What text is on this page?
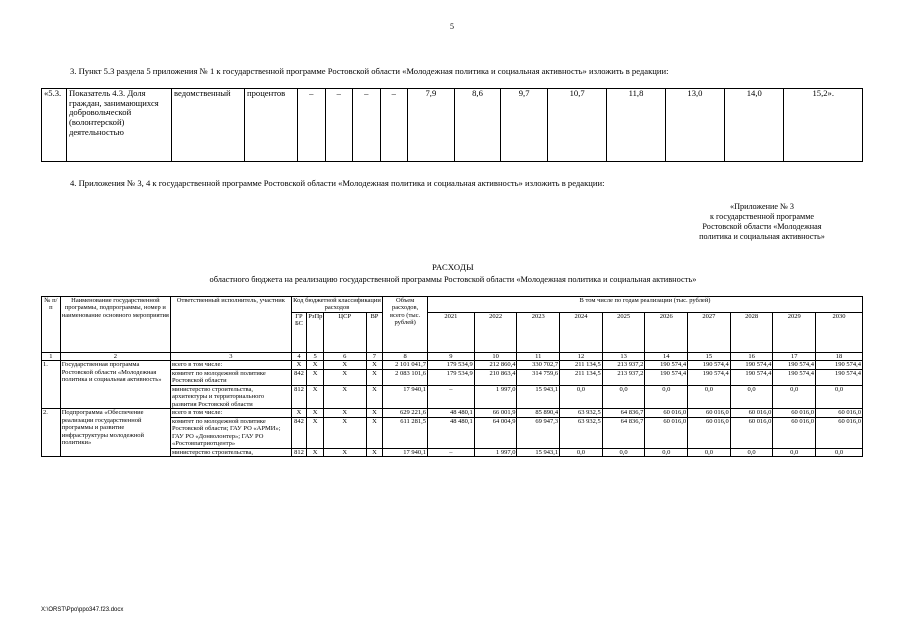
5
3. Пункт 5.3 раздела 5 приложения № 1 к государственной программе Ростовской области «Молодежная политика и социальная активность» изложить в редакции:
«5.3.	Показатель 4.3. Доля граждан, занимающихся добровольческой (волонтерской) деятельностью	ведомственный	процентов	–	–	–	–	7,9	8,6	9,7	10,7	11,8	13,0	14,0	15,2».
4. Приложения № 3, 4 к государственной программе Ростовской области «Молодежная политика и социальная активность» изложить в редакции:
«Приложение № 3
к государственной программе
Ростовской области «Молодежная
политика и социальная активность»
РАСХОДЫ
областного бюджета на реализацию государственной программы Ростовской области «Молодежная политика и социальная активность»
№ п/п	Наименование государственной программы, подпрограммы, номер и наименование основного мероприятия	Ответственный исполнитель, участник	Код бюджетной классификации расходов				Объем расходов, всего (тыс. рублей)	В том числе по годам реализации (тыс. рублей)									
			ГР БС	РзПр	ЦСР	ВР		2021	2022	2023	2024	2025	2026	2027	2028	2029	2030
1	2	3	4	5	6	7	8	9	10	11	12	13	14	15	16	17	18
1.	Государственная программа Ростовской области «Молодежная политика и социальная активность»	всего в том числе:	Х	Х	Х	Х	2 101 041,7	179 534,9	212 860,4	330 702,7	211 134,5	213 937,2	190 574,4	190 574,4	190 574,4	190 574,4	190 574,4
		комитет по молодежной политике Ростовской области	842	Х	Х	Х	2 083 101,6	179 534,9	210 863,4	314 759,6	211 134,5	213 937,2	190 574,4	190 574,4	190 574,4	190 574,4	190 574,4
		министерство строительства, архитектуры и территориального развития Ростовской области	812	Х	Х	Х	17 940,1	–	1 997,0	15 943,1	0,0	0,0	0,0	0,0	0,0	0,0	0,0
2.	Подпрограмма «Обеспечение реализации государственной программы и развитие инфраструктуры молодежной политики»	всего в том числе:	Х	Х	Х	Х	629 221,6	48 480,1	66 001,9	85 890,4	63 932,5	64 836,7	60 016,0	60 016,0	60 016,0	60 016,0	60 016,0
		комитет по молодежной политике Ростовской области; ГАУ РО «АРМИ»; ГАУ РО «Донволонтер»; ГАУ РО «Ростовпатриотцентр»	842	Х	Х	Х	611 281,5	48 480,1	64 004,9	69 947,3	63 932,5	64 836,7	60 016,0	60 016,0	60 016,0	60 016,0	60 016,0
		министерство строительства,	812	Х	Х	Х	17 940,1	–	1 997,0	15 943,1	0,0	0,0	0,0	0,0	0,0	0,0	0,0
X:\ORST\Ppo\ppo347.f23.docx
